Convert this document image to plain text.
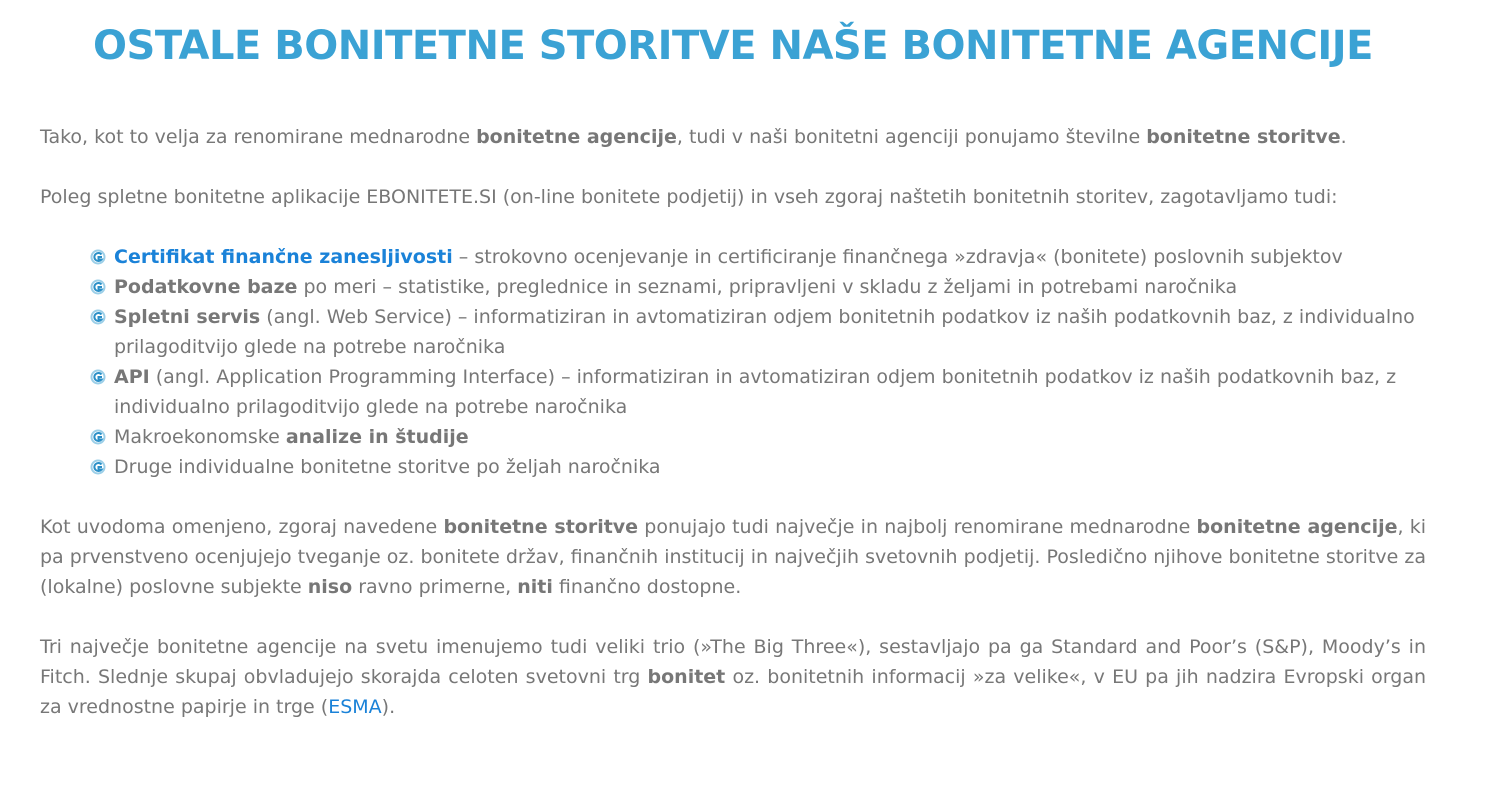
OSTALE BONITETNE STORITVE NAŠE BONITETNE AGENCIJE

Tako, kot to velja za renomirane mednarodne bonitetne agencije, tudi v naši bonitetni agenciji ponujamo številne bonitetne storitve.

Poleg spletne bonitetne aplikacije EBONITETE.SI (on-line bonitete podjetij) in vseh zgoraj naštetih bonitetnih storitev, zagotavljamo tudi:

Certifikat finančne zanesljivosti – strokovno ocenjevanje in certificiranje finančnega »zdravja« (bonitete) poslovnih subjektov
Podatkovne baze po meri – statistike, preglednice in seznami, pripravljeni v skladu z željami in potrebami naročnika
Spletni servis (angl. Web Service) – informatiziran in avtomatiziran odjem bonitetnih podatkov iz naših podatkovnih baz, z individualno prilagoditvijo glede na potrebe naročnika
API (angl. Application Programming Interface) – informatiziran in avtomatiziran odjem bonitetnih podatkov iz naših podatkovnih baz, z individualno prilagoditvijo glede na potrebe naročnika
Makroekonomske analize in študije
Druge individualne bonitetne storitve po željah naročnika

Kot uvodoma omenjeno, zgoraj navedene bonitetne storitve ponujajo tudi največje in najbolj renomirane mednarodne bonitetne agencije, ki pa prvenstveno ocenjujejo tveganje oz. bonitete držav, finančnih institucij in največjih svetovnih podjetij. Posledično njihove bonitetne storitve za (lokalne) poslovne subjekte niso ravno primerne, niti finančno dostopne.

Tri največje bonitetne agencije na svetu imenujemo tudi veliki trio (»The Big Three«), sestavljajo pa ga Standard and Poor’s (S&P), Moody’s in Fitch. Slednje skupaj obvladujejo skorajda celoten svetovni trg bonitet oz. bonitetnih informacij »za velike«, v EU pa jih nadzira Evropski organ za vrednostne papirje in trge (ESMA).
